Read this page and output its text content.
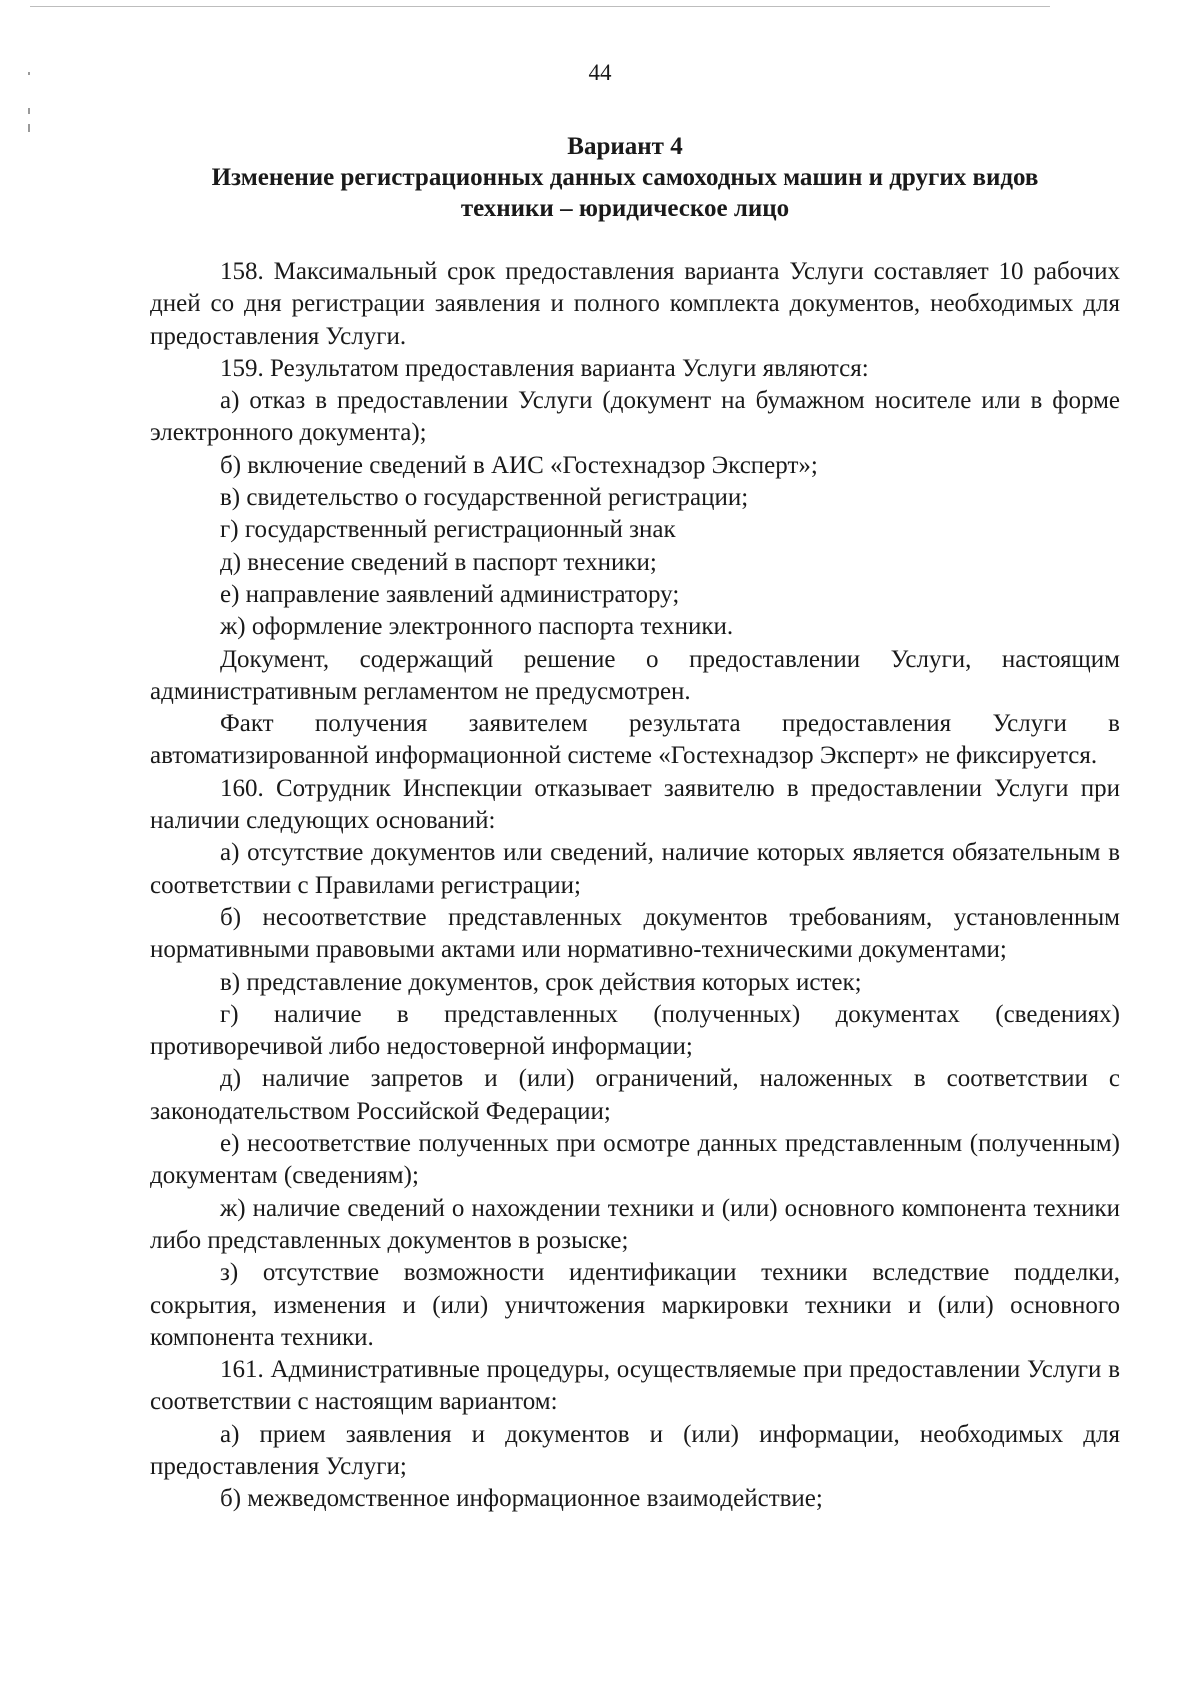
44
Вариант 4
Изменение регистрационных данных самоходных машин и других видов
техники – юридическое лицо

158. Максимальный срок предоставления варианта Услуги составляет 10 рабочих дней со дня регистрации заявления и полного комплекта документов, необходимых для предоставления Услуги.

159. Результатом предоставления варианта Услуги являются:

а) отказ в предоставлении Услуги (документ на бумажном носителе или в форме электронного документа);

б) включение сведений в АИС «Гостехнадзор Эксперт»;

в) свидетельство о государственной регистрации;

г) государственный регистрационный знак

д) внесение сведений в паспорт техники;

е) направление заявлений администратору;

ж) оформление электронного паспорта техники.

Документ, содержащий решение о предоставлении Услуги, настоящим административным регламентом не предусмотрен.

Факт получения заявителем результата предоставления Услуги в автоматизированной информационной системе «Гостехнадзор Эксперт» не фиксируется.

160. Сотрудник Инспекции отказывает заявителю в предоставлении Услуги при наличии следующих оснований:

а) отсутствие документов или сведений, наличие которых является обязательным в соответствии с Правилами регистрации;

б) несоответствие представленных документов требованиям, установленным нормативными правовыми актами или нормативно-техническими документами;

в) представление документов, срок действия которых истек;

г) наличие в представленных (полученных) документах (сведениях) противоречивой либо недостоверной информации;

д) наличие запретов и (или) ограничений, наложенных в соответствии с законодательством Российской Федерации;

е) несоответствие полученных при осмотре данных представленным (полученным) документам (сведениям);

ж) наличие сведений о нахождении техники и (или) основного компонента техники либо представленных документов в розыске;

з) отсутствие возможности идентификации техники вследствие подделки, сокрытия, изменения и (или) уничтожения маркировки техники и (или) основного компонента техники.

161. Административные процедуры, осуществляемые при предоставлении Услуги в соответствии с настоящим вариантом:

а) прием заявления и документов и (или) информации, необходимых для предоставления Услуги;

б) межведомственное информационное взаимодействие;
